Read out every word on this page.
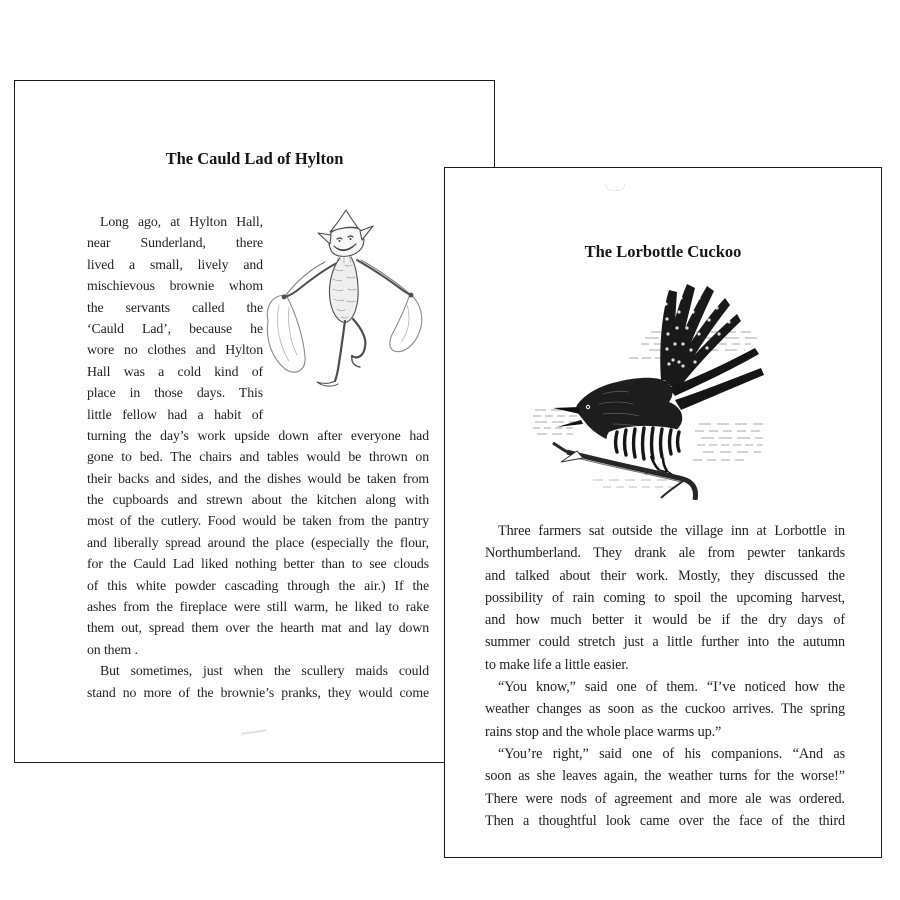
The Cauld Lad of Hylton
Long ago, at Hylton Hall,
near Sunderland, there
lived a small, lively and
mischievous brownie whom
the servants called the
‘Cauld Lad’, because he
wore no clothes and Hylton
Hall was a cold kind of
place in those days. This
little fellow had a habit of
turning the day’s work upside down after everyone had
gone to bed. The chairs and tables would be thrown on
their backs and sides, and the dishes would be taken from
the cupboards and strewn about the kitchen along with
most of the cutlery. Food would be taken from the pantry
and liberally spread around the place (especially the flour,
for the Cauld Lad liked nothing better than to see clouds
of this white powder cascading through the air.) If the
ashes from the fireplace were still warm, he liked to rake
them out, spread them over the hearth mat and lay down
on them .
But sometimes, just when the scullery maids could
stand no more of the brownie’s pranks, they would come
The Lorbottle Cuckoo
Three farmers sat outside the village inn at Lorbottle in
Northumberland. They drank ale from pewter tankards
and talked about their work. Mostly, they discussed the
possibility of rain coming to spoil the upcoming harvest,
and how much better it would be if the dry days of
summer could stretch just a little further into the autumn
to make life a little easier.
“You know,” said one of them. “I’ve noticed how the
weather changes as soon as the cuckoo arrives. The spring
rains stop and the whole place warms up.”
“You’re right,” said one of his companions. “And as
soon as she leaves again, the weather turns for the worse!”
There were nods of agreement and more ale was ordered.
Then a thoughtful look came over the face of the third
